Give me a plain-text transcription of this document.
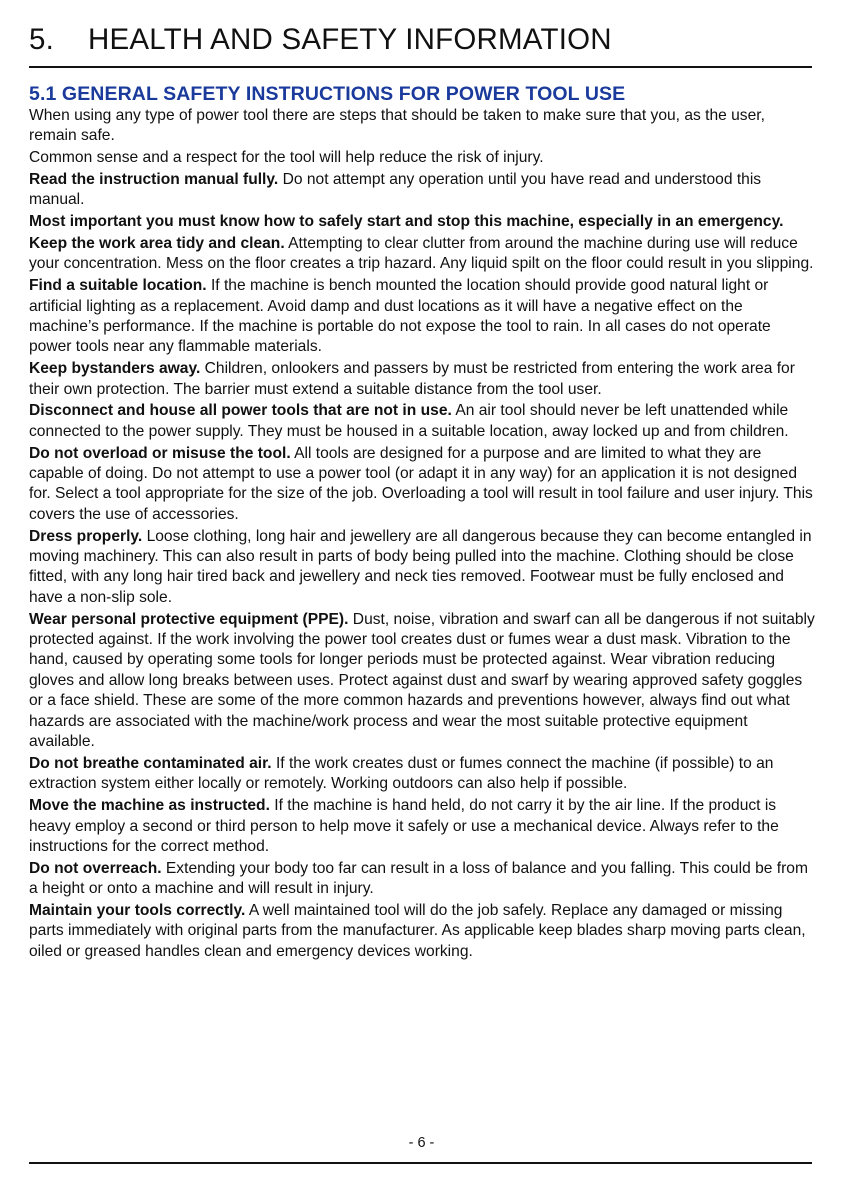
5. HEALTH AND SAFETY INFORMATION
5.1 GENERAL SAFETY INSTRUCTIONS FOR POWER TOOL USE

When using any type of power tool there are steps that should be taken to make sure that you, as the user, remain safe.

Common sense and a respect for the tool will help reduce the risk of injury.

Read the instruction manual fully. Do not attempt any operation until you have read and understood this manual.

Most important you must know how to safely start and stop this machine, especially in an emergency.

Keep the work area tidy and clean. Attempting to clear clutter from around the machine during use will reduce your concentration. Mess on the floor creates a trip hazard. Any liquid spilt on the floor could result in you slipping.

Find a suitable location. If the machine is bench mounted the location should provide good natural light or artificial lighting as a replacement. Avoid damp and dust locations as it will have a negative effect on the machine’s performance. If the machine is portable do not expose the tool to rain. In all cases do not operate power tools near any flammable materials.

Keep bystanders away. Children, onlookers and passers by must be restricted from entering the work area for their own protection. The barrier must extend a suitable distance from the tool user.

Disconnect and house all power tools that are not in use. An air tool should never be left unattended while connected to the power supply. They must be housed in a suitable location, away locked up and from children.

Do not overload or misuse the tool. All tools are designed for a purpose and are limited to what they are capable of doing. Do not attempt to use a power tool (or adapt it in any way) for an application it is not designed for. Select a tool appropriate for the size of the job. Overloading a tool will result in tool failure and user injury. This covers the use of accessories.

Dress properly. Loose clothing, long hair and jewellery are all dangerous because they can become entangled in moving machinery. This can also result in parts of body being pulled into the machine. Clothing should be close fitted, with any long hair tired back and jewellery and neck ties removed. Footwear must be fully enclosed and have a non-slip sole.

Wear personal protective equipment (PPE). Dust, noise, vibration and swarf can all be dangerous if not suitably protected against. If the work involving the power tool creates dust or fumes wear a dust mask. Vibration to the hand, caused by operating some tools for longer periods must be protected against. Wear vibration reducing gloves and allow long breaks between uses. Protect against dust and swarf by wearing approved safety goggles or a face shield. These are some of the more common hazards and preventions however, always find out what hazards are associated with the machine/work process and wear the most suitable protective equipment available.

Do not breathe contaminated air. If the work creates dust or fumes connect the machine (if possible) to an extraction system either locally or remotely. Working outdoors can also help if possible.

Move the machine as instructed. If the machine is hand held, do not carry it by the air line. If the product is heavy employ a second or third person to help move it safely or use a mechanical device. Always refer to the instructions for the correct method.

Do not overreach. Extending your body too far can result in a loss of balance and you falling. This could be from a height or onto a machine and will result in injury.

Maintain your tools correctly. A well maintained tool will do the job safely. Replace any damaged or missing parts immediately with original parts from the manufacturer. As applicable keep blades sharp moving parts clean, oiled or greased handles clean and emergency devices working.

- 6 -
